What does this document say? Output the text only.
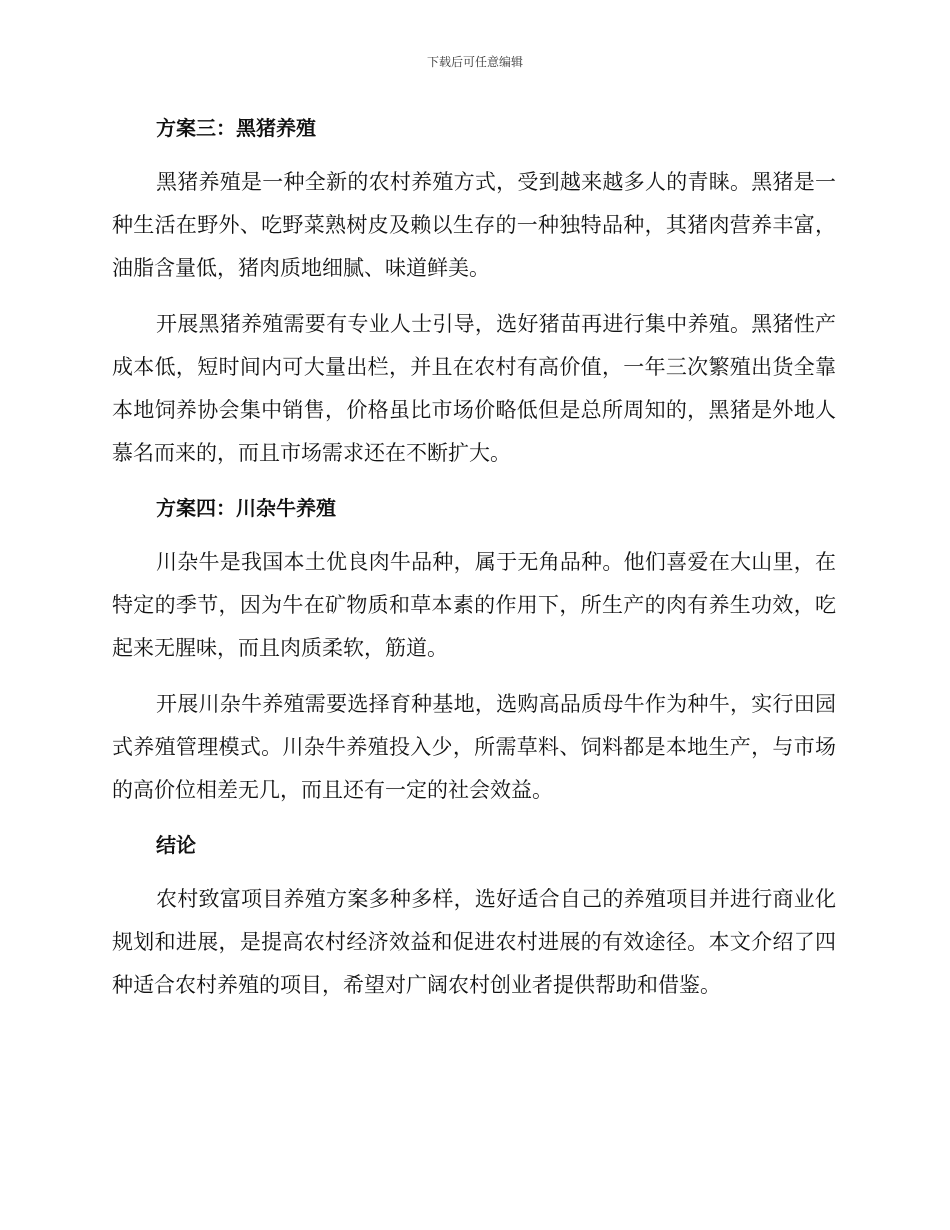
下载后可任意编辑
方案三：黑猪养殖

黑猪养殖是一种全新的农村养殖方式，受到越来越多人的青睐。黑猪是一种生活在野外、吃野菜熟树皮及赖以生存的一种独特品种，其猪肉营养丰富，油脂含量低，猪肉质地细腻、味道鲜美。

开展黑猪养殖需要有专业人士引导，选好猪苗再进行集中养殖。黑猪性产成本低，短时间内可大量出栏，并且在农村有高价值，一年三次繁殖出货全靠本地饲养协会集中销售，价格虽比市场价略低但是总所周知的，黑猪是外地人慕名而来的，而且市场需求还在不断扩大。

方案四：川杂牛养殖

川杂牛是我国本土优良肉牛品种，属于无角品种。他们喜爱在大山里，在特定的季节，因为牛在矿物质和草本素的作用下，所生产的肉有养生功效，吃起来无腥味，而且肉质柔软，筋道。

开展川杂牛养殖需要选择育种基地，选购高品质母牛作为种牛，实行田园式养殖管理模式。川杂牛养殖投入少，所需草料、饲料都是本地生产，与市场的高价位相差无几，而且还有一定的社会效益。

结论

农村致富项目养殖方案多种多样，选好适合自己的养殖项目并进行商业化规划和进展，是提高农村经济效益和促进农村进展的有效途径。本文介绍了四种适合农村养殖的项目，希望对广阔农村创业者提供帮助和借鉴。
